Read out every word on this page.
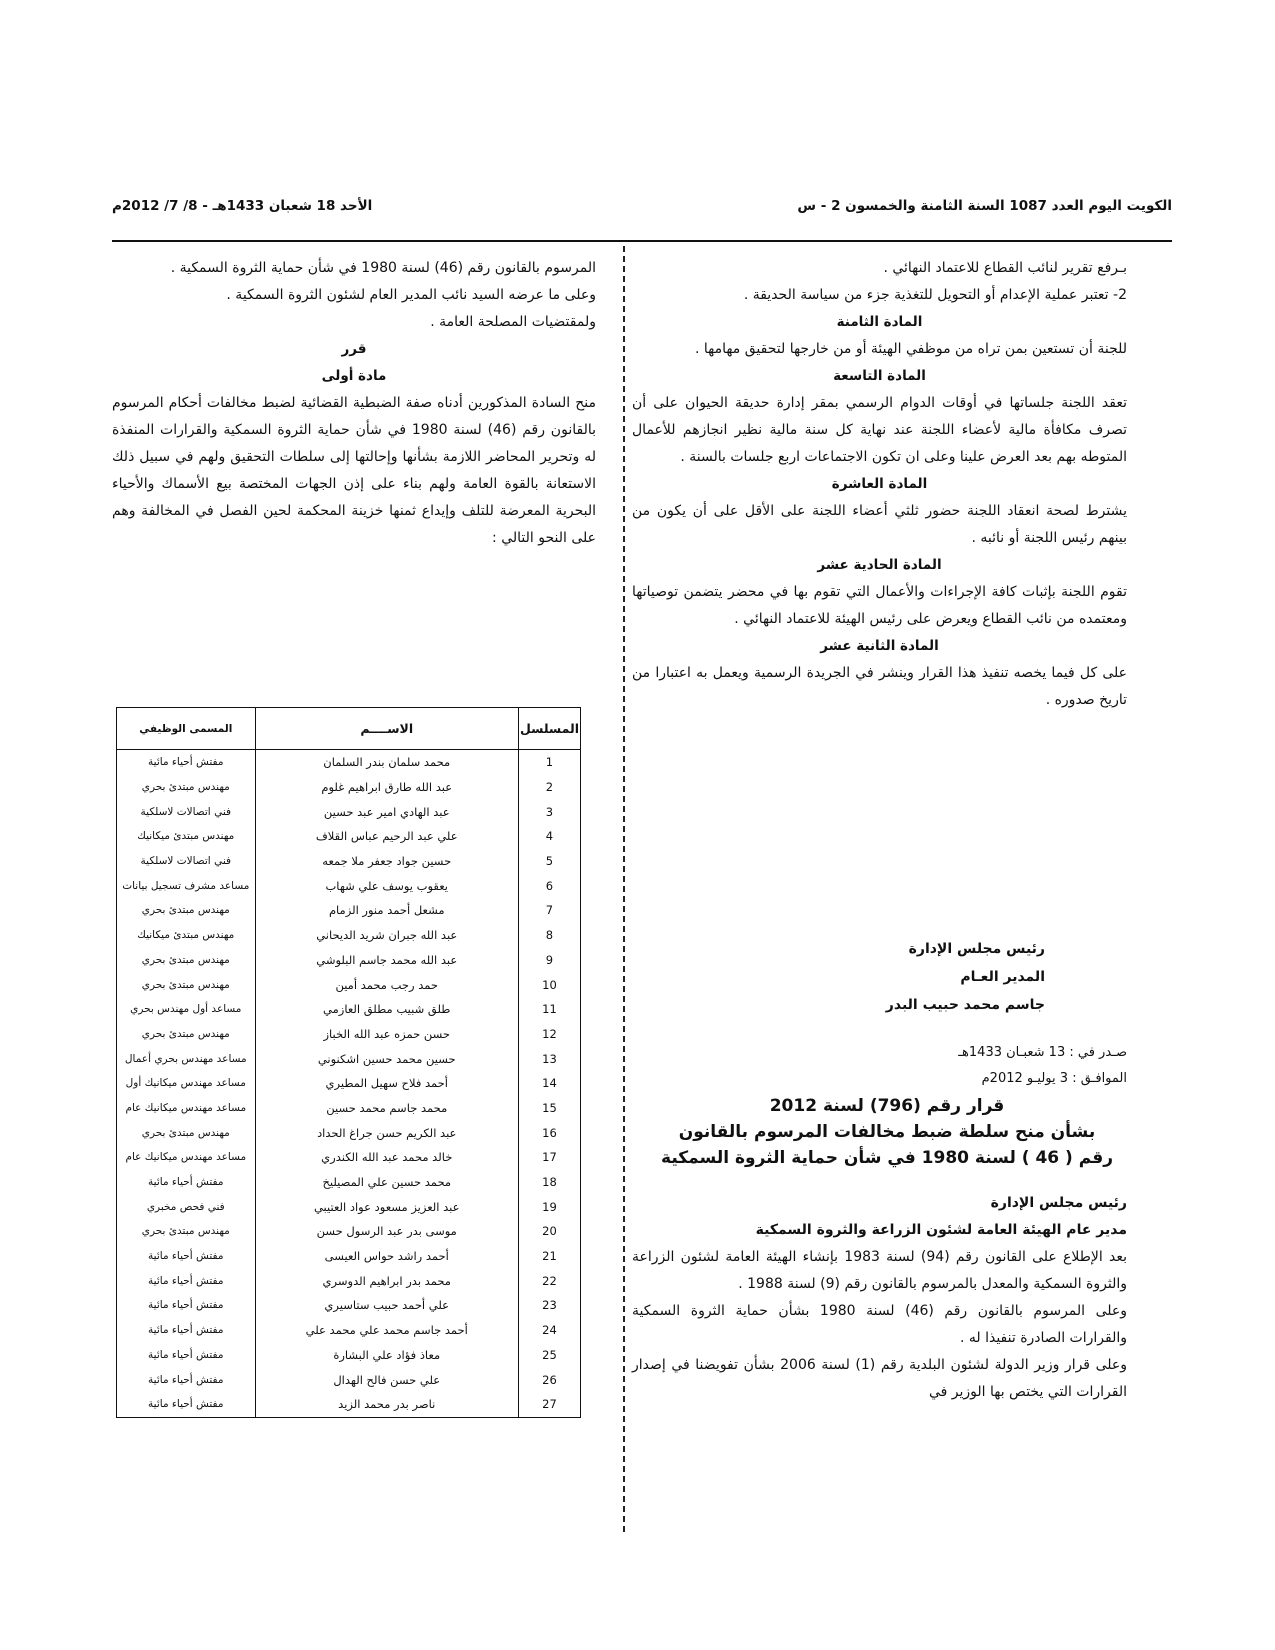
الكويت اليوم العدد 1087 السنة الثامنة والخمسون 2 - س
الأحد 18 شعبان 1433هـ - 8/ 7/ 2012م

بـرفع تقرير لنائب القطاع للاعتماد النهائي .

2- تعتبر عملية الإعدام أو التحويل للتغذية جزء من سياسة الحديقة .

المادة الثامنة

للجنة أن تستعين بمن تراه من موظفي الهيئة أو من خارجها لتحقيق مهامها .

المادة التاسعة

تعقد اللجنة جلساتها في أوقات الدوام الرسمي بمقر إدارة حديقة الحيوان على أن تصرف مكافأة مالية لأعضاء اللجنة عند نهاية كل سنة مالية نظير انجازهم للأعمال المتوطه بهم بعد العرض علينا وعلى ان تكون الاجتماعات اربع جلسات بالسنة .

المادة العاشرة

يشترط لصحة انعقاد اللجنة حضور ثلثي أعضاء اللجنة على الأقل على أن يكون من بينهم رئيس اللجنة أو نائبه .

المادة الحادية عشر

تقوم اللجنة بإثبات كافة الإجراءات والأعمال التي تقوم بها في محضر يتضمن توصياتها ومعتمده من نائب القطاع ويعرض على رئيس الهيئة للاعتماد النهائي .

المادة الثانية عشر

على كل فيما يخصه تنفيذ هذا القرار وينشر في الجريدة الرسمية ويعمل به اعتبارا من تاريخ صدوره .

رئيس مجلس الإدارة
المدير العـام
جاسم محمد حبيب البدر
صـدر في : 13 شعبـان 1433هـ
الموافـق : 3 يوليـو 2012م
قرار رقم (796) لسنة 2012
بشأن منح سلطة ضبط مخالفات المرسوم بالقانون
رقم ( 46 ) لسنة 1980 في شأن حماية الثروة السمكية

رئيس مجلس الإدارة

مدير عام الهيئة العامة لشئون الزراعة والثروة السمكية

بعد الإطلاع على القانون رقم (94) لسنة 1983 بإنشاء الهيئة العامة لشئون الزراعة والثروة السمكية والمعدل بالمرسوم بالقانون رقم (9) لسنة 1988 .

وعلى المرسوم بالقانون رقم (46) لسنة 1980 بشأن حماية الثروة السمكية والقرارات الصادرة تنفيذا له .

وعلى قرار وزير الدولة لشئون البلدية رقم (1) لسنة 2006 بشأن تفويضنا في إصدار القرارات التي يختص بها الوزير في

المرسوم بالقانون رقم (46) لسنة 1980 في شأن حماية الثروة السمكية .

وعلى ما عرضه السيد نائب المدير العام لشئون الثروة السمكية .

ولمقتضيات المصلحة العامة .

قرر

مادة أولى

منح السادة المذكورين أدناه صفة الضبطية القضائية لضبط مخالفات أحكام المرسوم بالقانون رقم (46) لسنة 1980 في شأن حماية الثروة السمكية والقرارات المنفذة له وتحرير المحاضر اللازمة بشأنها وإحالتها إلى سلطات التحقيق ولهم في سبيل ذلك الاستعانة بالقوة العامة ولهم بناء على إذن الجهات المختصة بيع الأسماك والأحياء البحرية المعرضة للتلف وإيداع ثمنها خزينة المحكمة لحين الفصل في المخالفة وهم على النحو التالي :

المسلسل	الاســــم	المسمى الوظيفي
1	محمد سلمان بندر السلمان	مفتش أحياء مائية
2	عبد الله طارق ابراهيم غلوم	مهندس مبتدئ بحري
3	عبد الهادي امير عبد حسين	فني اتصالات لاسلكية
4	علي عبد الرحيم عباس القلاف	مهندس مبتدئ ميكانيك
5	حسين جواد جعفر ملا جمعه	فني اتصالات لاسلكية
6	يعقوب يوسف علي شهاب	مساعد مشرف تسجيل بيانات
7	مشعل أحمد منور الزمام	مهندس مبتدئ بحري
8	عبد الله جبران شريد الديحاني	مهندس مبتدئ ميكانيك
9	عبد الله محمد جاسم البلوشي	مهندس مبتدئ بحري
10	حمد رجب محمد أمين	مهندس مبتدئ بحري
11	طلق شبيب مطلق العازمي	مساعد أول مهندس بحري
12	حسن حمزه عبد الله الخباز	مهندس مبتدئ بحري
13	حسين محمد حسين اشكنوني	مساعد مهندس بحري أعمال
14	أحمد فلاح سهيل المطيري	مساعد مهندس ميكانيك أول
15	محمد جاسم محمد حسين	مساعد مهندس ميكانيك عام
16	عبد الكريم حسن جراغ الحداد	مهندس مبتدئ بحري
17	خالد محمد عبد الله الكندري	مساعد مهندس ميكانيك عام
18	محمد حسين علي المصيليخ	مفتش أحياء مائية
19	عبد العزيز مسعود عواد العتيبي	فني فحص مخبري
20	موسى بدر عبد الرسول حسن	مهندس مبتدئ بحري
21	أحمد راشد حواس العيسى	مفتش أحياء مائية
22	محمد بدر ابراهيم الدوسري	مفتش أحياء مائية
23	علي أحمد حبيب ستاسيري	مفتش أحياء مائية
24	أحمد جاسم محمد علي محمد علي	مفتش أحياء مائية
25	معاذ فؤاد علي البشارة	مفتش أحياء مائية
26	علي حسن فالح الهدال	مفتش أحياء مائية
27	ناصر بدر محمد الزيد	مفتش أحياء مائية
